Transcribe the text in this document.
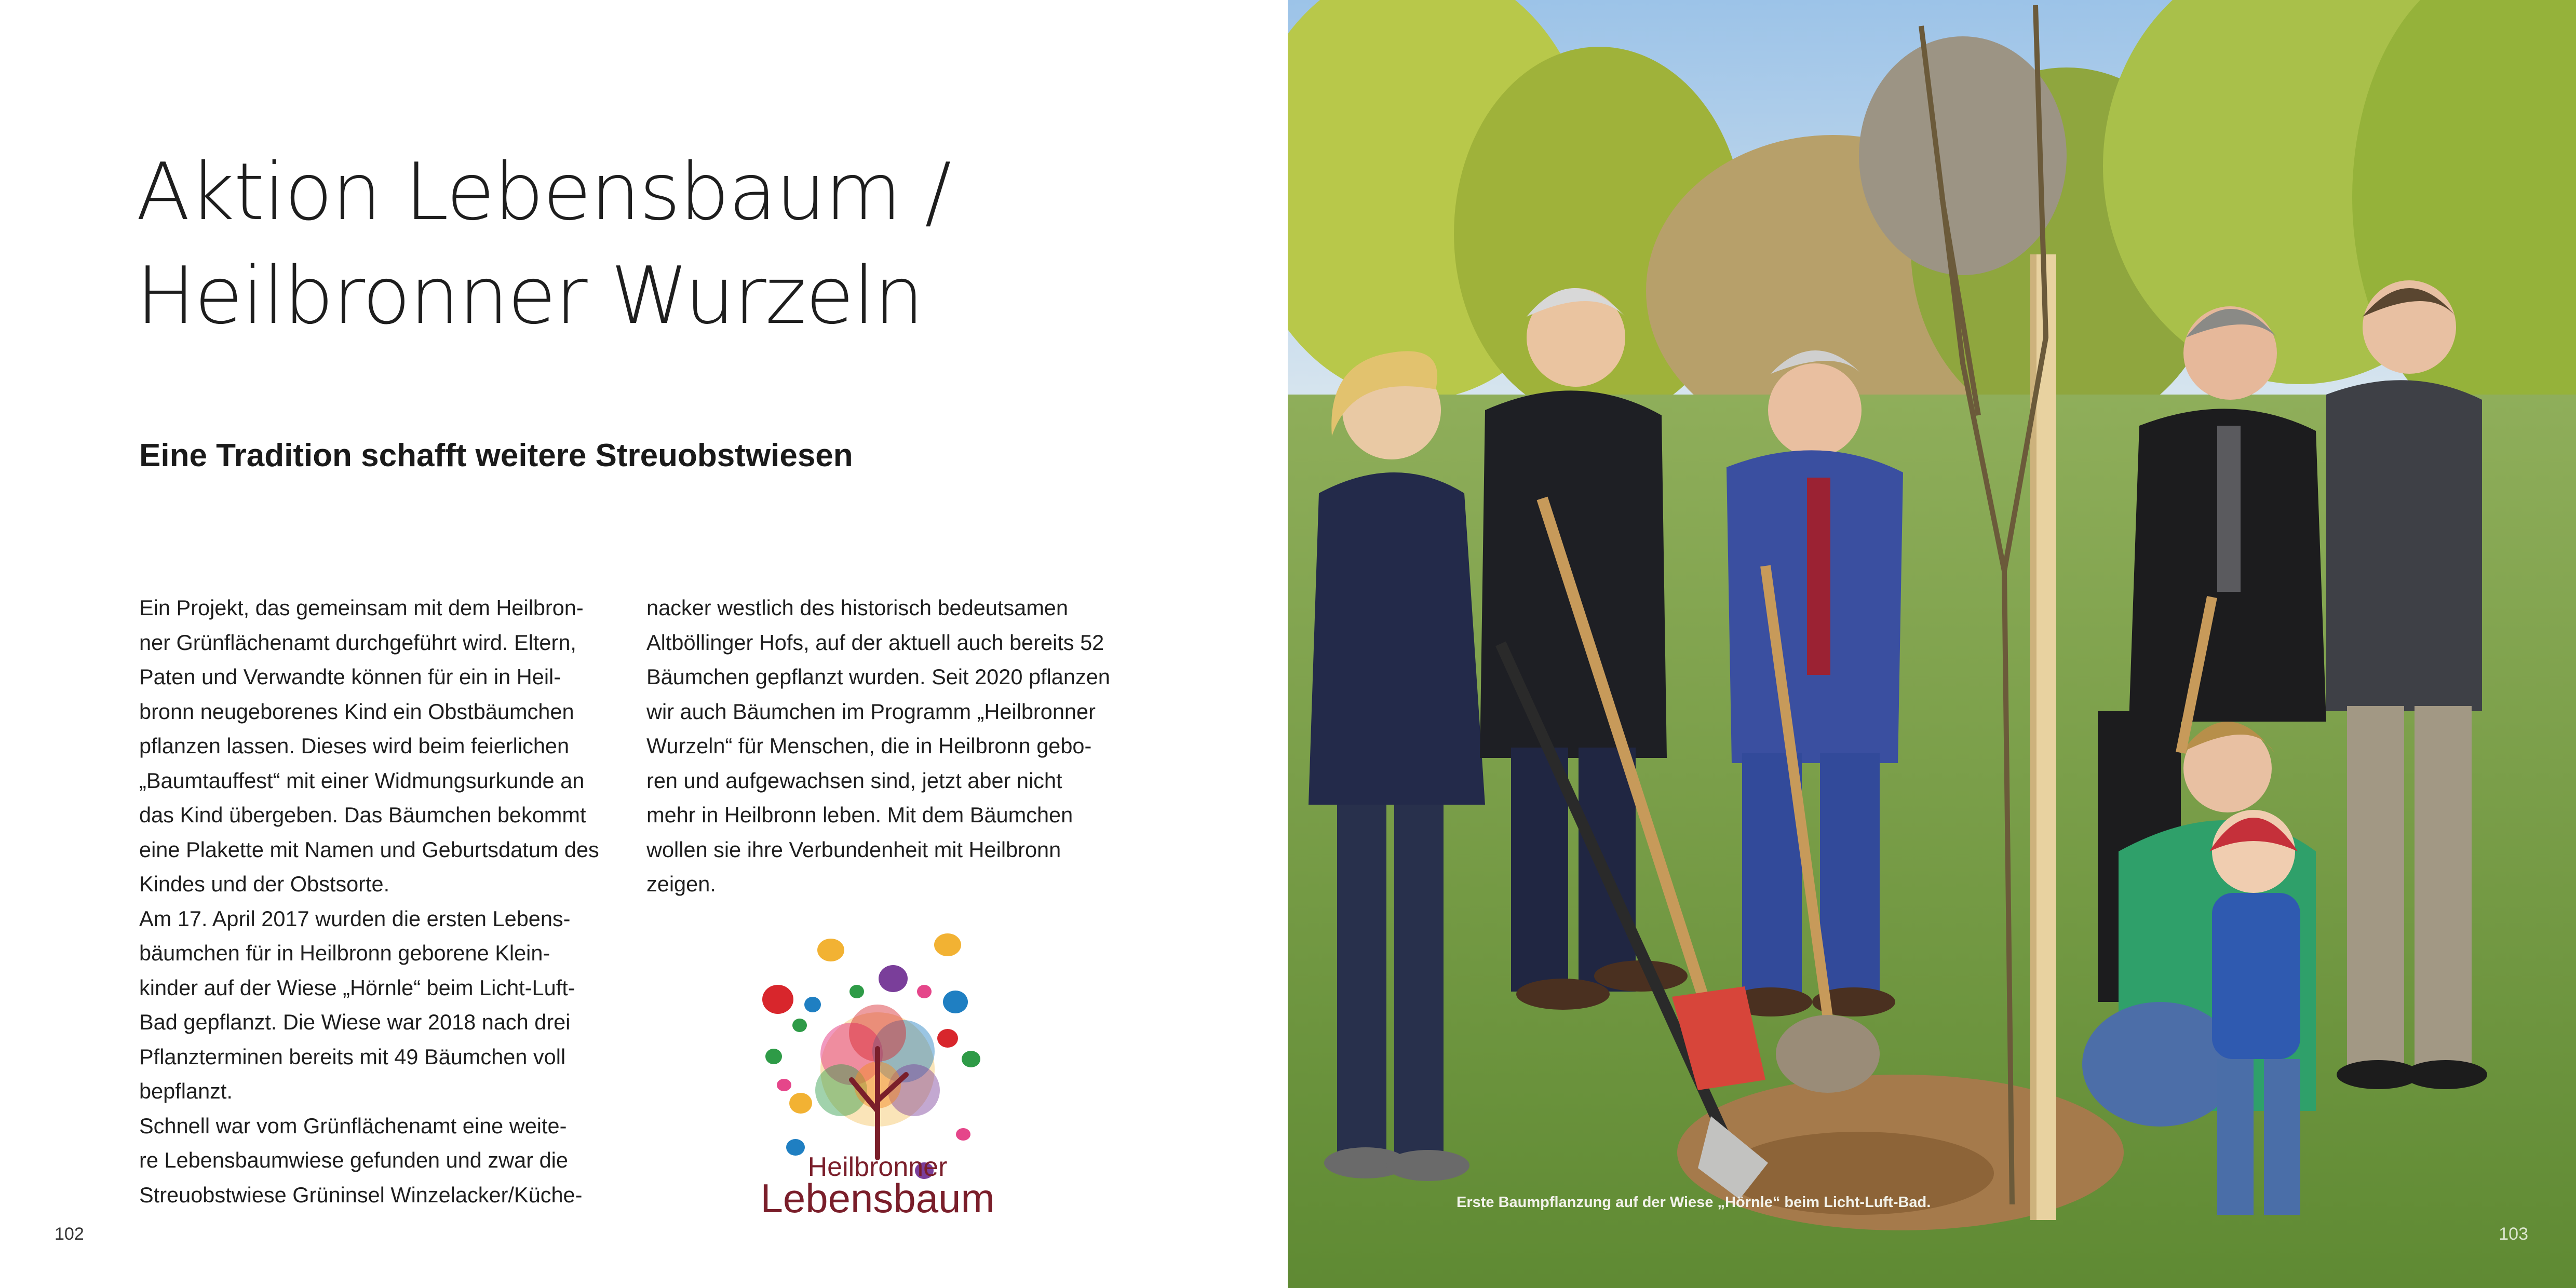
Aktion Lebensbaum /
Heilbronner Wurzeln
Eine Tradition schafft weitere Streuobstwiesen
Ein Projekt, das gemeinsam mit dem Heilbron-
ner Grünflächenamt durchgeführt wird. Eltern,
Paten und Verwandte können für ein in Heil-
bronn neugeborenes Kind ein Obstbäumchen
pflanzen lassen. Dieses wird beim feierlichen
„Baumtauffest“ mit einer Widmungsurkunde an
das Kind übergeben. Das Bäumchen bekommt
eine Plakette mit Namen und Geburtsdatum des
Kindes und der Obstsorte.
Am 17. April 2017 wurden die ersten Lebens-
bäumchen für in Heilbronn geborene Klein-
kinder auf der Wiese „Hörnle“ beim Licht-Luft-
Bad gepflanzt. Die Wiese war 2018 nach drei
Pflanzterminen bereits mit 49 Bäumchen voll
bepflanzt.
Schnell war vom Grünflächenamt eine weite-
re Lebensbaumwiese gefunden und zwar die
Streuobstwiese Grüninsel Winzelacker/Küche-
nacker westlich des historisch bedeutsamen
Altböllinger Hofs, auf der aktuell auch bereits 52
Bäumchen gepflanzt wurden. Seit 2020 pflanzen
wir auch Bäumchen im Programm „Heilbronner
Wurzeln“ für Menschen, die in Heilbronn gebo-
ren und aufgewachsen sind, jetzt aber nicht
mehr in Heilbronn leben. Mit dem Bäumchen
wollen sie ihre Verbundenheit mit Heilbronn
zeigen.
Heilbronner
Lebensbaum
102
Erste Baumpflanzung auf der Wiese „Hörnle“ beim Licht-Luft-Bad.
103
